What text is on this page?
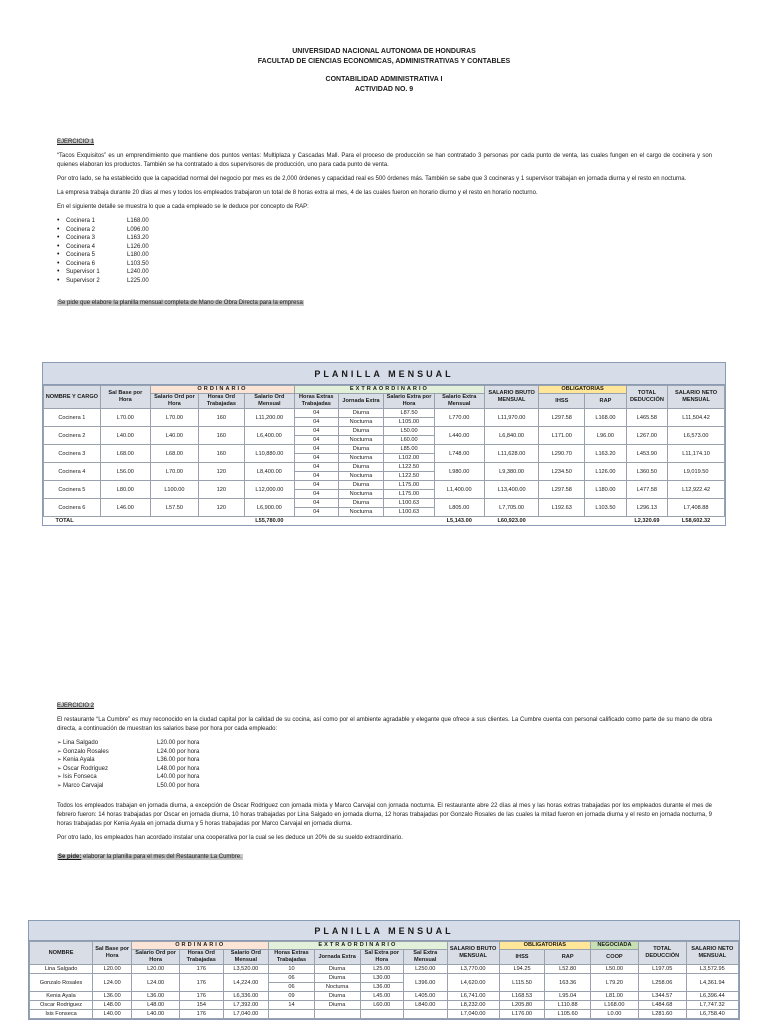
UNIVERSIDAD NACIONAL AUTONOMA DE HONDURAS
FACULTAD DE CIENCIAS ECONOMICAS, ADMINISTRATIVAS Y CONTABLES
CONTABILIDAD ADMINISTRATIVA I
ACTIVIDAD NO. 9

EJERCICIO 1

“Tacos Exquisitos” es un emprendimiento que mantiene dos puntos ventas: Multiplaza y Cascadas Mall. Para el proceso de producción se han contratado 3 personas por cada punto de venta, las cuales fungen en el cargo de cocinera y son quienes elaboran los productos. También se ha contratado a dos supervisores de producción, uno para cada punto de venta.

Por otro lado, se ha establecido que la capacidad normal del negocio por mes es de 2,000 órdenes y capacidad real es 500 órdenes más. También se sabe que 3 cocineras y 1 supervisor trabajan en jornada diurna y el resto en nocturna.

La empresa trabaja durante 20 días al mes y todos los empleados trabajaron un total de 8 horas extra al mes, 4 de las cuales fueron en horario diurno y el resto en horario nocturno.

En el siguiente detalle se muestra lo que a cada empleado se le deduce por concepto de RAP:

• Cocinera 1	L168.00
• Cocinera 2	L096.00
• Cocinera 3	L163.20
• Cocinera 4	L126.00
• Cocinera 5	L180.00
• Cocinera 6	L103.50
• Supervisor 1	L240.00
• Supervisor 2	L225.00

Se pide que elabore la planilla mensual completa de Mano de Obra Directa para la empresa

PLANILLA MENSUAL
NOMBRE Y CARGO	Sal Base por Hora	ORDINARIO			EXTRAORDINARIO				SALARIO BRUTO MENSUAL	OBLIGATORIAS		TOTAL DEDUCCIÓN	SALARIO NETO MENSUAL
		Salario Ord por Hora	Horas Ord Trabajadas	Salario Ord Mensual	Horas Extras Trabajadas	Jornada Extra	Salario Extra por Hora	Salario Extra Mensual		IHSS	RAP		
Cocinera 1	L70.00	L70.00	160	L11,200.00	04	Diurna	L87.50	L770.00	L11,970.00	L297.58	L168.00	L465.58	L11,504.42
					04	Nocturna	L105.00						
Cocinera 2	L40.00	L40.00	160	L6,400.00	04	Diurna	L50.00	L440.00	L6,840.00	L171.00	L96.00	L267.00	L6,573.00
					04	Nocturna	L60.00						
Cocinera 3	L68.00	L68.00	160	L10,880.00	04	Diurna	L85.00	L748.00	L11,628.00	L290.70	L163.20	L453.90	L11,174.10
					04	Nocturna	L102.00						
Cocinera 4	L56.00	L70.00	120	L8,400.00	04	Diurna	L122.50	L980.00	L9,380.00	L234.50	L126.00	L360.50	L9,019.50
					04	Nocturna	L122.50						
Cocinera 5	L80.00	L100.00	120	L12,000.00	04	Diurna	L175.00	L1,400.00	L13,400.00	L297.58	L180.00	L477.58	L12,922.42
					04	Nocturna	L175.00						
Cocinera 6	L46.00	L57.50	120	L6,900.00	04	Diurna	L100.63	L805.00	L7,705.00	L192.63	L103.50	L296.13	L7,408.88
					04	Nocturna	L100.63						
TOTAL				L55,780.00				L5,143.00	L60,923.00			L2,320.69	L58,602.32

EJERCICIO 2

El restaurante “La Cumbre” es muy reconocido en la ciudad capital por la calidad de su cocina, así como por el ambiente agradable y elegante que ofrece a sus clientes. La Cumbre cuenta con personal calificado como parte de su mano de obra directa, a continuación de muestran los salarios base por hora por cada empleado:

➢ Lina Salgado	L20.00 por hora
➢ Gonzalo Rosales	L24.00 por hora
➢ Kenia Ayala	L36.00 por hora
➢ Oscar Rodriguez	L48.00 por hora
➢ Isis Fonseca	L40.00 por hora
➢ Marco Carvajal	L50.00 por hora

Todos los empleados trabajan en jornada diurna, a excepción de Oscar Rodriguez con jornada mixta y Marco Carvajal con jornada nocturna. El restaurante abre 22 días al mes y las horas extras trabajadas por los empleados durante el mes de febrero fueron: 14 horas trabajadas por Oscar en jornada diurna, 10 horas trabajadas por Lina Salgado en jornada diurna, 12 horas trabajadas por Gonzalo Rosales de las cuales la mitad fueron en jornada diurna y el resto en jornada nocturna, 9 horas trabajadas por Kenia Ayala en jornada diurna y 5 horas trabajadas por Marco Carvajal en jornada diurna.

Por otro lado, los empleados han acordado instalar una cooperativa por la cual se les deduce un 20% de su sueldo extraordinario.

Se pide: elaborar la planilla para el mes del Restaurante La Cumbre.

PLANILLA MENSUAL
NOMBRE	Sal Base por Hora	ORDINARIO			EXTRAORDINARIO				SALARIO BRUTO MENSUAL	OBLIGATORIAS		NEGOCIADA	TOTAL DEDUCCIÓN	SALARIO NETO MENSUAL
		Salario Ord por Hora	Horas Ord Trabajadas	Salario Ord Mensual	Horas Extras Trabajadas	Jornada Extra	Sal Extra por Hora	Sal Extra Mensual		IHSS	RAP	COOP		
Lina Salgado	L20.00	L20.00	176	L3,520.00	10	Diurna	L25.00	L250.00	L3,770.00	L94.25	L52.80	L50.00	L197.05	L3,572.95
Gonzalo Rosales	L24.00	L24.00	176	L4,224.00	06	Diurna	L30.00	L396.00	L4,620.00	L115.50	163.36	L79.20	L258.06	L4,361.94
					06	Nocturna	L36.00							
Kenia Ayala	L36.00	L36.00	176	L6,336.00	09	Diurna	L45.00	L405.00	L6,741.00	L168.53	L95.04	L81.00	L344.57	L6,396.44
Oscar Rodriguez	L48.00	L48.00	154	L7,392.00	14	Diurna	L60.00	L840.00	L8,232.00	L205.80	L110.88	L168.00	L484.68	L7,747.32
Isis Fonseca	L40.00	L40.00	176	L7,040.00					L7,040.00	L176.00	L105.60	L0.00	L281.60	L6,758.40
